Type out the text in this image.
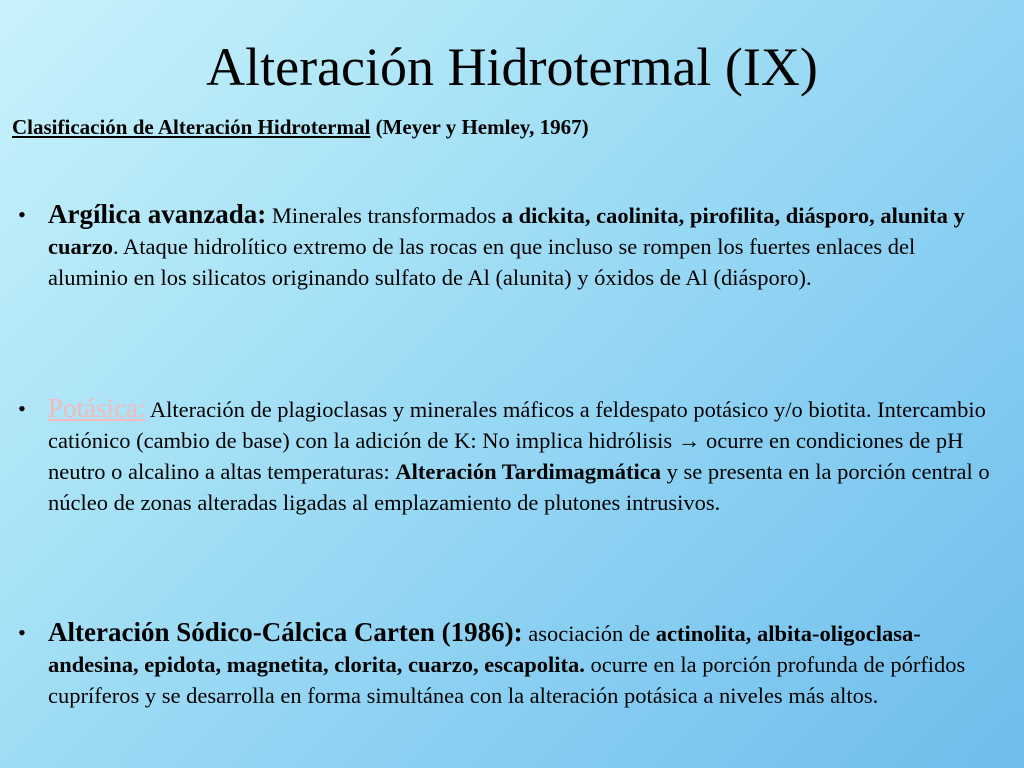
Alteración Hidrotermal (IX)

Clasificación de Alteración Hidrotermal (Meyer y Hemley, 1967)

• Argílica avanzada: Minerales transformados a dickita, caolinita, pirofilita, diásporo, alunita y cuarzo. Ataque hidrolítico extremo de las rocas en que incluso se rompen los fuertes enlaces del aluminio en los silicatos originando sulfato de Al (alunita) y óxidos de Al (diásporo).
• Potásica: Alteración de plagioclasas y minerales máficos a feldespato potásico y/o biotita. Intercambio catiónico (cambio de base) con la adición de K: No implica hidrólisis → ocurre en condiciones de pH neutro o alcalino a altas temperaturas: Alteración Tardimagmática y se presenta en la porción central o núcleo de zonas alteradas ligadas al emplazamiento de plutones intrusivos.
• Alteración Sódico-Cálcica Carten (1986): asociación de actinolita, albita-oligoclasa- andesina, epidota, magnetita, clorita, cuarzo, escapolita. ocurre en la porción profunda de pórfidos cupríferos y se desarrolla en forma simultánea con la alteración potásica a niveles más altos.
